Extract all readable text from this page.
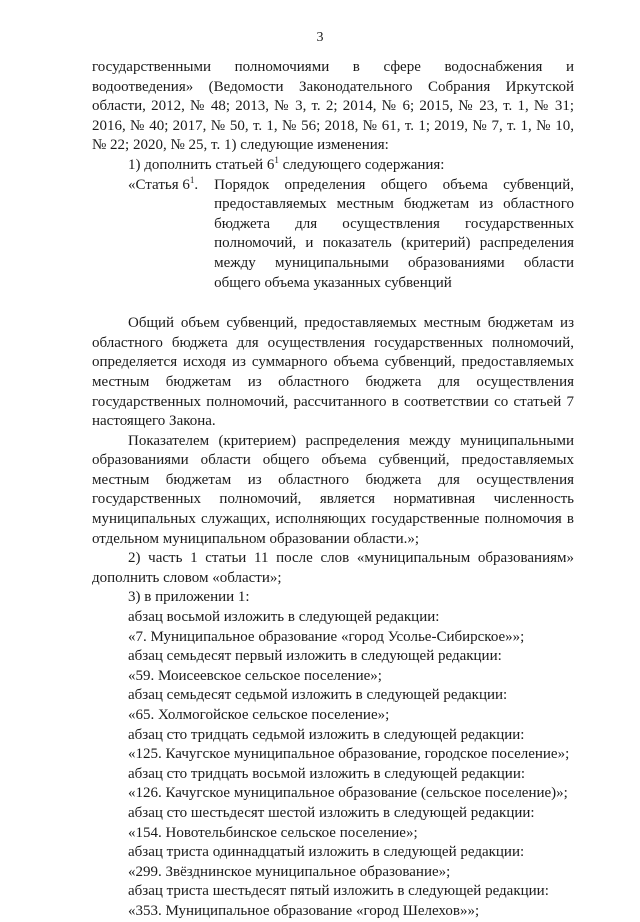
3

государственными полномочиями в сфере водоснабжения и водоотведения» (Ведомости Законодательного Собрания Иркутской области, 2012, № 48; 2013, № 3, т. 2; 2014, № 6; 2015, № 23, т. 1, № 31; 2016, № 40; 2017, № 50, т. 1, № 56; 2018, № 61, т. 1; 2019, № 7, т. 1, № 10, № 22; 2020, № 25, т. 1) следующие изменения:

1) дополнить статьей $6^1$ следующего содержания:

«Статья $6^1$.	Порядок определения общего объема субвенций, предоставляемых местным бюджетам из областного бюджета для осуществления государственных полномочий, и показатель (критерий) распределения между муниципальными образованиями области общего объема указанных субвенций

Общий объем субвенций, предоставляемых местным бюджетам из областного бюджета для осуществления государственных полномочий, определяется исходя из суммарного объема субвенций, предоставляемых местным бюджетам из областного бюджета для осуществления государственных полномочий, рассчитанного в соответствии со статьей 7 настоящего Закона.

Показателем (критерием) распределения между муниципальными образованиями области общего объема субвенций, предоставляемых местным бюджетам из областного бюджета для осуществления государственных полномочий, является нормативная численность муниципальных служащих, исполняющих государственные полномочия в отдельном муниципальном образовании области.»;

2) часть 1 статьи 11 после слов «муниципальным образованиям» дополнить словом «области»;

3) в приложении 1:

абзац восьмой изложить в следующей редакции:

«7. Муниципальное образование «город Усолье-Сибирское»»;

абзац семьдесят первый изложить в следующей редакции:

«59. Моисеевское сельское поселение»;

абзац семьдесят седьмой изложить в следующей редакции:

«65. Холмогойское сельское поселение»;

абзац сто тридцать седьмой изложить в следующей редакции:

«125. Качугское муниципальное образование, городское поселение»;

абзац сто тридцать восьмой изложить в следующей редакции:

«126. Качугское муниципальное образование (сельское поселение)»;

абзац сто шестьдесят шестой изложить в следующей редакции:

«154. Новотельбинское сельское поселение»;

абзац триста одиннадцатый изложить в следующей редакции:

«299. Звёзднинское муниципальное образование»;

абзац триста шестьдесят пятый изложить в следующей редакции:

«353. Муниципальное образование «город Шелехов»»;
